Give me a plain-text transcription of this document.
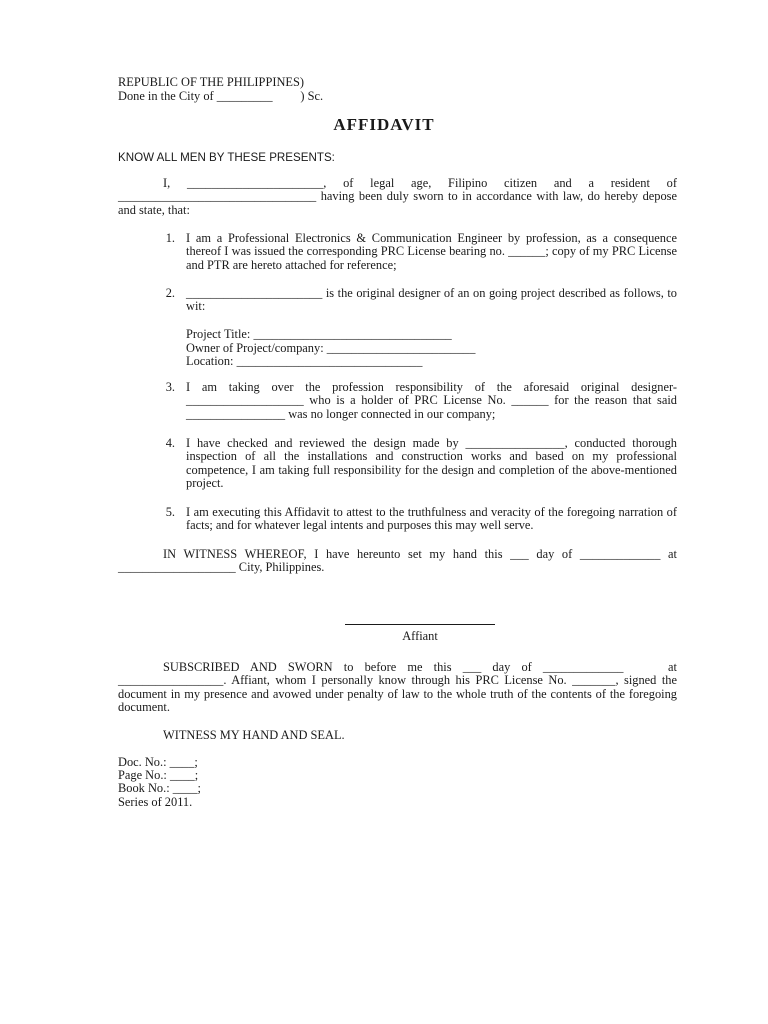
REPUBLIC OF THE PHILIPPINES)
Done in the City of _________         ) Sc.
AFFIDAVIT
KNOW ALL MEN BY THESE PRESENTS:
I,  ______________________,  of  legal  age,  Filipino  citizen  and  a  resident  of ________________________________ having been duly sworn to in accordance with law, do hereby depose and state, that:
1. I am a Professional Electronics & Communication Engineer by profession, as a consequence thereof I was issued the corresponding PRC License bearing no. ______; copy of my PRC License and PTR are hereto attached for reference;
2. ______________________ is the original designer of an on going project described as follows, to wit:
Project Title: ________________________________
Owner of Project/company: ________________________
Location: ______________________________
3. I am taking over the profession responsibility of the aforesaid original designer-___________________ who is a holder of PRC License No. ______ for the reason that said ________________ was no longer connected in our company;
4. I have checked and reviewed the design made by ________________, conducted thorough inspection of all the installations and construction works and based on my professional competence, I am taking full responsibility for the design and completion of the above-mentioned project.
5. I am executing this Affidavit to attest to the truthfulness and veracity of the foregoing narration of facts; and for whatever legal intents and purposes this may well serve.
IN WITNESS WHEREOF, I have hereunto set my hand this ___ day of _____________ at ___________________ City, Philippines.
Affiant
SUBSCRIBED  AND  SWORN  to  before  me  this  ___  day  of  _____________        at _________________. Affiant, whom I personally know through his PRC License No. _______, signed the document in my presence and avowed under penalty of law to the whole truth of the contents of the foregoing document.
WITNESS MY HAND AND SEAL.
Doc. No.: ____;
Page No.: ____;
Book No.: ____;
Series of 2011.
